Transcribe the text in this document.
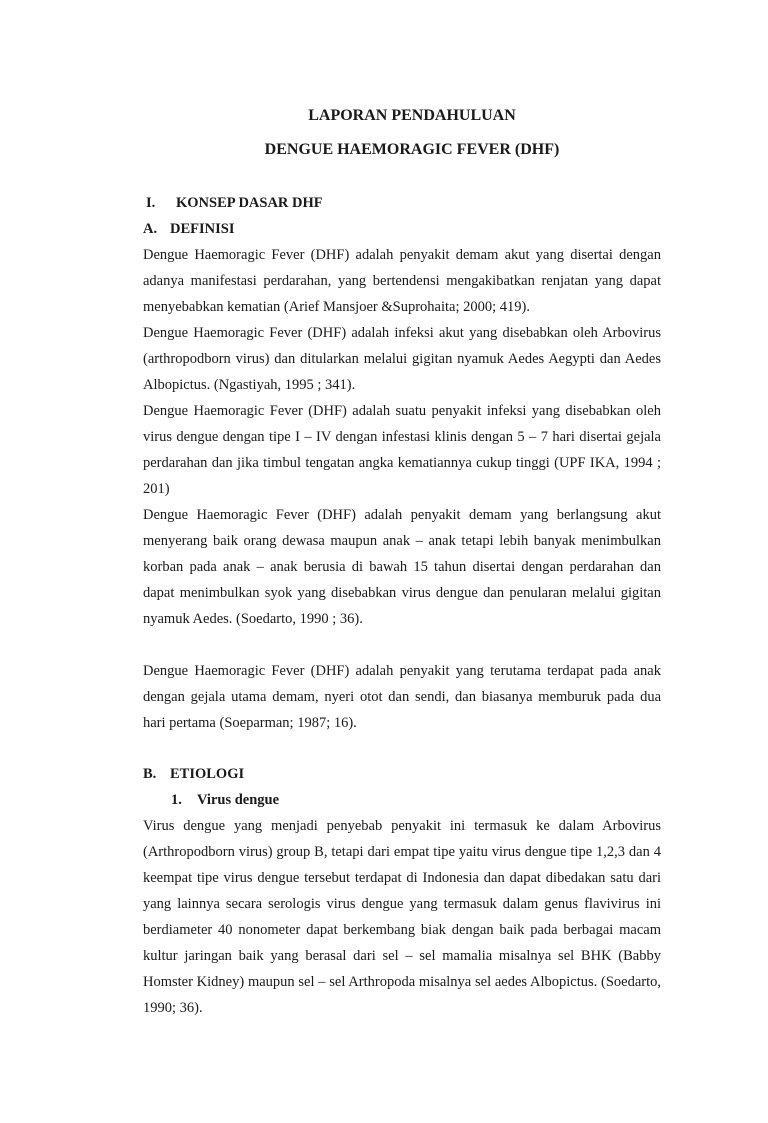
LAPORAN PENDAHULUAN

DENGUE HAEMORAGIC FEVER (DHF)

I. KONSEP DASAR DHF

A. DEFINISI

Dengue Haemoragic Fever (DHF) adalah penyakit demam akut yang disertai dengan adanya manifestasi perdarahan, yang bertendensi mengakibatkan renjatan yang dapat menyebabkan kematian (Arief Mansjoer &Suprohaita; 2000; 419).

Dengue Haemoragic Fever (DHF) adalah infeksi akut yang disebabkan oleh Arbovirus (arthropodborn virus) dan ditularkan melalui gigitan nyamuk Aedes Aegypti dan Aedes Albopictus. (Ngastiyah, 1995 ; 341).

Dengue Haemoragic Fever (DHF) adalah suatu penyakit infeksi yang disebabkan oleh virus dengue dengan tipe I – IV dengan infestasi klinis dengan 5 – 7 hari disertai gejala perdarahan dan jika timbul tengatan angka kematiannya cukup tinggi (UPF IKA, 1994 ; 201)

Dengue Haemoragic Fever (DHF) adalah penyakit demam yang berlangsung akut menyerang baik orang dewasa maupun anak – anak tetapi lebih banyak menimbulkan korban pada anak – anak berusia di bawah 15 tahun disertai dengan perdarahan dan dapat menimbulkan syok yang disebabkan virus dengue dan penularan melalui gigitan nyamuk Aedes. (Soedarto, 1990 ; 36).

Dengue Haemoragic Fever (DHF) adalah penyakit yang terutama terdapat pada anak dengan gejala utama demam, nyeri otot dan sendi, dan biasanya memburuk pada dua hari pertama (Soeparman; 1987; 16).

B. ETIOLOGI

1. Virus dengue

Virus dengue yang menjadi penyebab penyakit ini termasuk ke dalam Arbovirus (Arthropodborn virus) group B, tetapi dari empat tipe yaitu virus dengue tipe 1,2,3 dan 4 keempat tipe virus dengue tersebut terdapat di Indonesia dan dapat dibedakan satu dari yang lainnya secara serologis virus dengue yang termasuk dalam genus flavivirus ini berdiameter 40 nonometer dapat berkembang biak dengan baik pada berbagai macam kultur jaringan baik yang berasal dari sel – sel mamalia misalnya sel BHK (Babby Homster Kidney) maupun sel – sel Arthropoda misalnya sel aedes Albopictus. (Soedarto, 1990; 36).
